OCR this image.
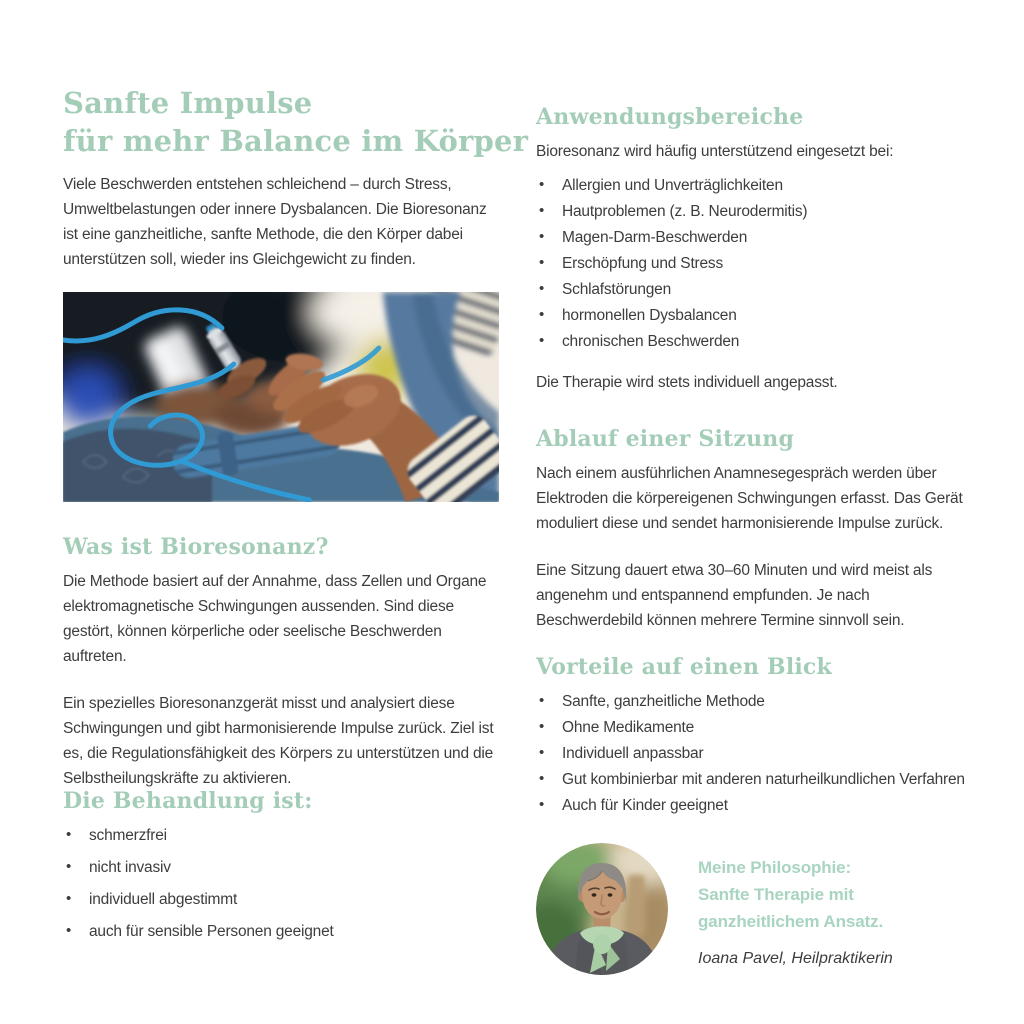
Sanfte Impulse
für mehr Balance im Körper

Viele Beschwerden entstehen schleichend – durch Stress, Umweltbelastungen oder innere Dysbalancen. Die Bioresonanz ist eine ganzheitliche, sanfte Methode, die den Körper dabei unterstützen soll, wieder ins Gleichgewicht zu finden.

Was ist Bioresonanz?

Die Methode basiert auf der Annahme, dass Zellen und Organe elektromagnetische Schwingungen aussenden. Sind diese gestört, können körperliche oder seelische Beschwerden auftreten.

Ein spezielles Bioresonanzgerät misst und analysiert diese Schwingungen und gibt harmonisierende Impulse zurück. Ziel ist es, die Regulationsfähigkeit des Körpers zu unterstützen und die Selbstheilungskräfte zu aktivieren.

Die Behandlung ist:
• schmerzfrei
• nicht invasiv
• individuell abgestimmt
• auch für sensible Personen geeignet
Anwendungsbereiche

Bioresonanz wird häufig unterstützend eingesetzt bei:

• Allergien und Unverträglichkeiten
• Hautproblemen (z. B. Neurodermitis)
• Magen-Darm-Beschwerden
• Erschöpfung und Stress
• Schlafstörungen
• hormonellen Dysbalancen
• chronischen Beschwerden

Die Therapie wird stets individuell angepasst.

Ablauf einer Sitzung

Nach einem ausführlichen Anamnesegespräch werden über Elektroden die körpereigenen Schwingungen erfasst. Das Gerät moduliert diese und sendet harmonisierende Impulse zurück.

Eine Sitzung dauert etwa 30–60 Minuten und wird meist als angenehm und entspannend empfunden. Je nach Beschwerdebild können mehrere Termine sinnvoll sein.

Vorteile auf einen Blick
• Sanfte, ganzheitliche Methode
• Ohne Medikamente
• Individuell anpassbar
• Gut kombinierbar mit anderen naturheilkundlichen Verfahren
• Auch für Kinder geeignet
Meine Philosophie:
Sanfte Therapie mit
ganzheitlichem Ansatz.
Ioana Pavel, Heilpraktikerin
